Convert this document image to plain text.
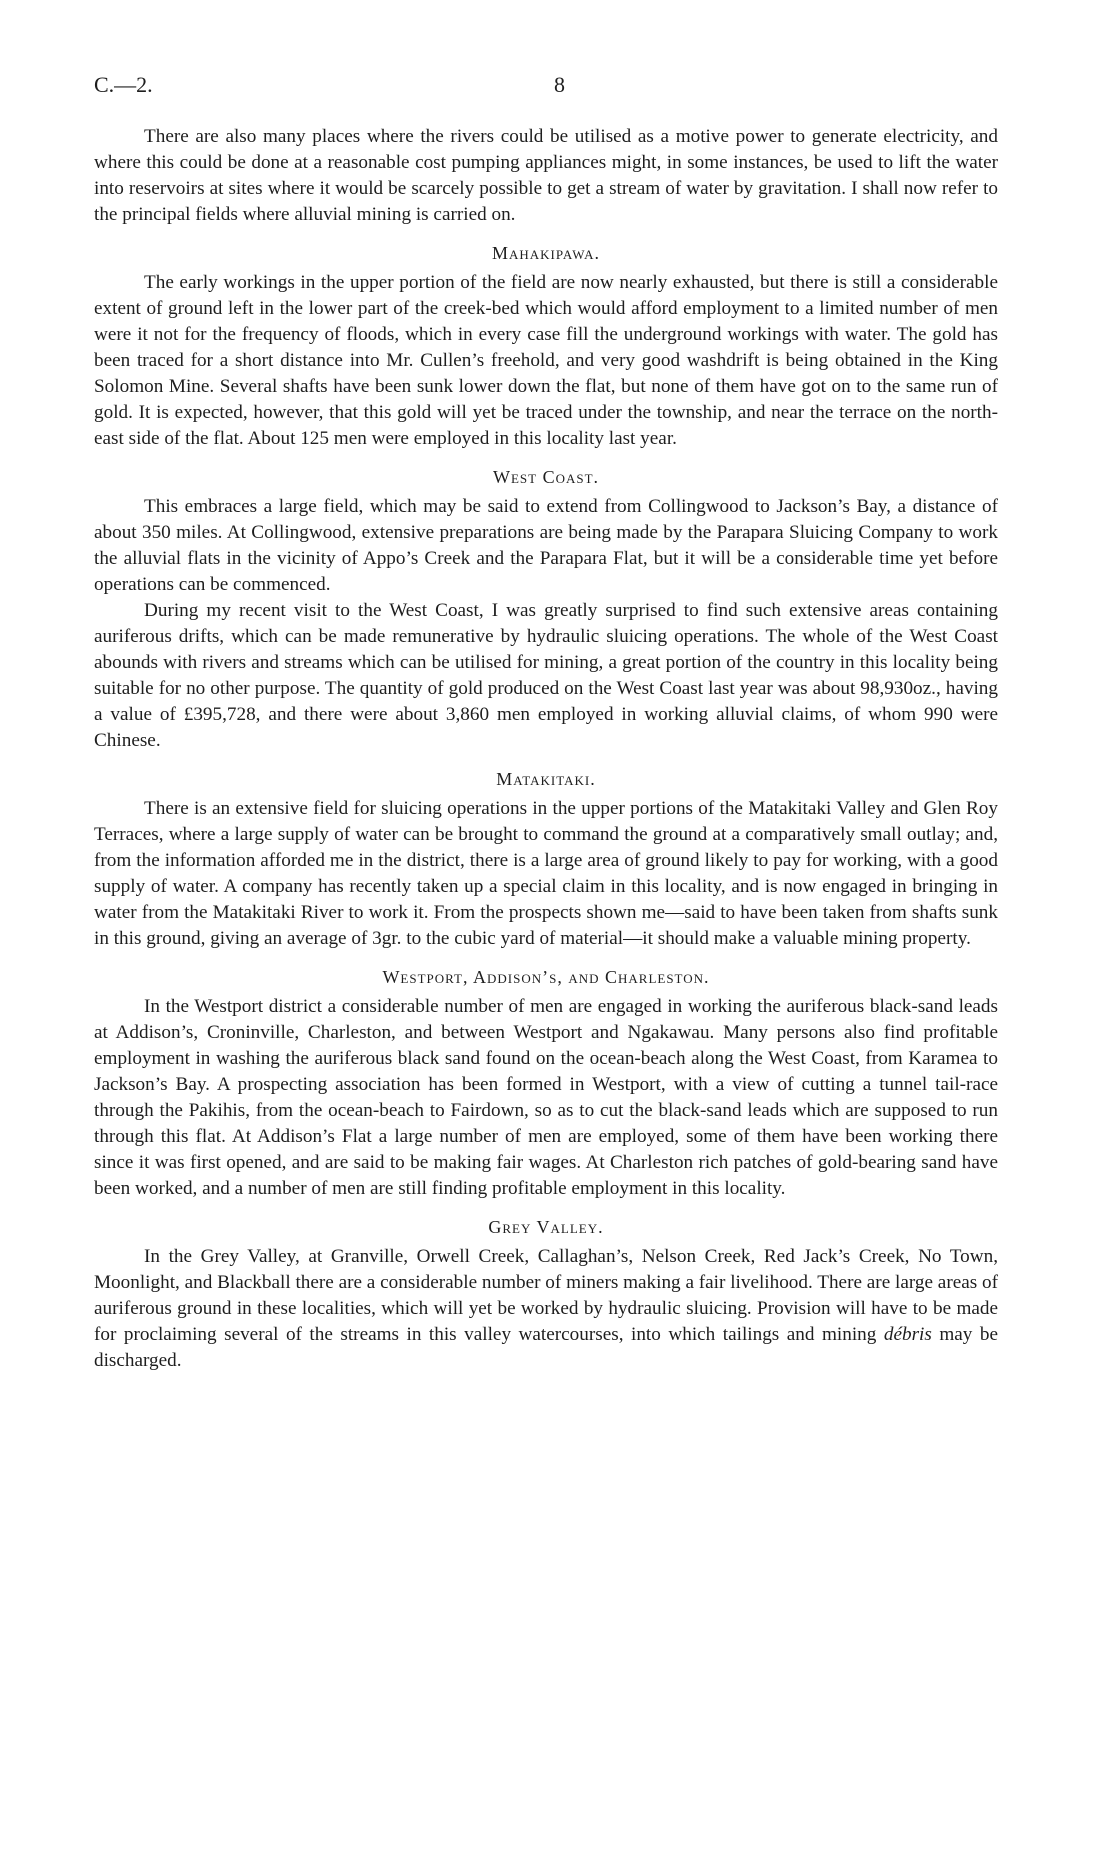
C.—2.	8

There are also many places where the rivers could be utilised as a motive power to generate electricity, and where this could be done at a reasonable cost pumping appliances might, in some instances, be used to lift the water into reservoirs at sites where it would be scarcely possible to get a stream of water by gravitation. I shall now refer to the principal fields where alluvial mining is carried on.

Mahakipawa.

The early workings in the upper portion of the field are now nearly exhausted, but there is still a considerable extent of ground left in the lower part of the creek-bed which would afford employment to a limited number of men were it not for the frequency of floods, which in every case fill the underground workings with water. The gold has been traced for a short distance into Mr. Cullen’s freehold, and very good washdrift is being obtained in the King Solomon Mine. Several shafts have been sunk lower down the flat, but none of them have got on to the same run of gold. It is expected, however, that this gold will yet be traced under the township, and near the terrace on the north-east side of the flat. About 125 men were employed in this locality last year.

West Coast.

This embraces a large field, which may be said to extend from Collingwood to Jackson’s Bay, a distance of about 350 miles. At Collingwood, extensive preparations are being made by the Parapara Sluicing Company to work the alluvial flats in the vicinity of Appo’s Creek and the Parapara Flat, but it will be a considerable time yet before operations can be commenced.

During my recent visit to the West Coast, I was greatly surprised to find such extensive areas containing auriferous drifts, which can be made remunerative by hydraulic sluicing operations. The whole of the West Coast abounds with rivers and streams which can be utilised for mining, a great portion of the country in this locality being suitable for no other purpose. The quantity of gold produced on the West Coast last year was about 98,930oz., having a value of £395,728, and there were about 3,860 men employed in working alluvial claims, of whom 990 were Chinese.

Matakitaki.

There is an extensive field for sluicing operations in the upper portions of the Matakitaki Valley and Glen Roy Terraces, where a large supply of water can be brought to command the ground at a comparatively small outlay; and, from the information afforded me in the district, there is a large area of ground likely to pay for working, with a good supply of water. A company has recently taken up a special claim in this locality, and is now engaged in bringing in water from the Matakitaki River to work it. From the prospects shown me—said to have been taken from shafts sunk in this ground, giving an average of 3gr. to the cubic yard of material—it should make a valuable mining property.

Westport, Addison’s, and Charleston.

In the Westport district a considerable number of men are engaged in working the auriferous black-sand leads at Addison’s, Croninville, Charleston, and between Westport and Ngakawau. Many persons also find profitable employment in washing the auriferous black sand found on the ocean-beach along the West Coast, from Karamea to Jackson’s Bay. A prospecting association has been formed in Westport, with a view of cutting a tunnel tail-race through the Pakihis, from the ocean-beach to Fairdown, so as to cut the black-sand leads which are supposed to run through this flat. At Addison’s Flat a large number of men are employed, some of them have been working there since it was first opened, and are said to be making fair wages. At Charleston rich patches of gold-bearing sand have been worked, and a number of men are still finding profitable employment in this locality.

Grey Valley.

In the Grey Valley, at Granville, Orwell Creek, Callaghan’s, Nelson Creek, Red Jack’s Creek, No Town, Moonlight, and Blackball there are a considerable number of miners making a fair livelihood. There are large areas of auriferous ground in these localities, which will yet be worked by hydraulic sluicing. Provision will have to be made for proclaiming several of the streams in this valley watercourses, into which tailings and mining débris may be discharged.
